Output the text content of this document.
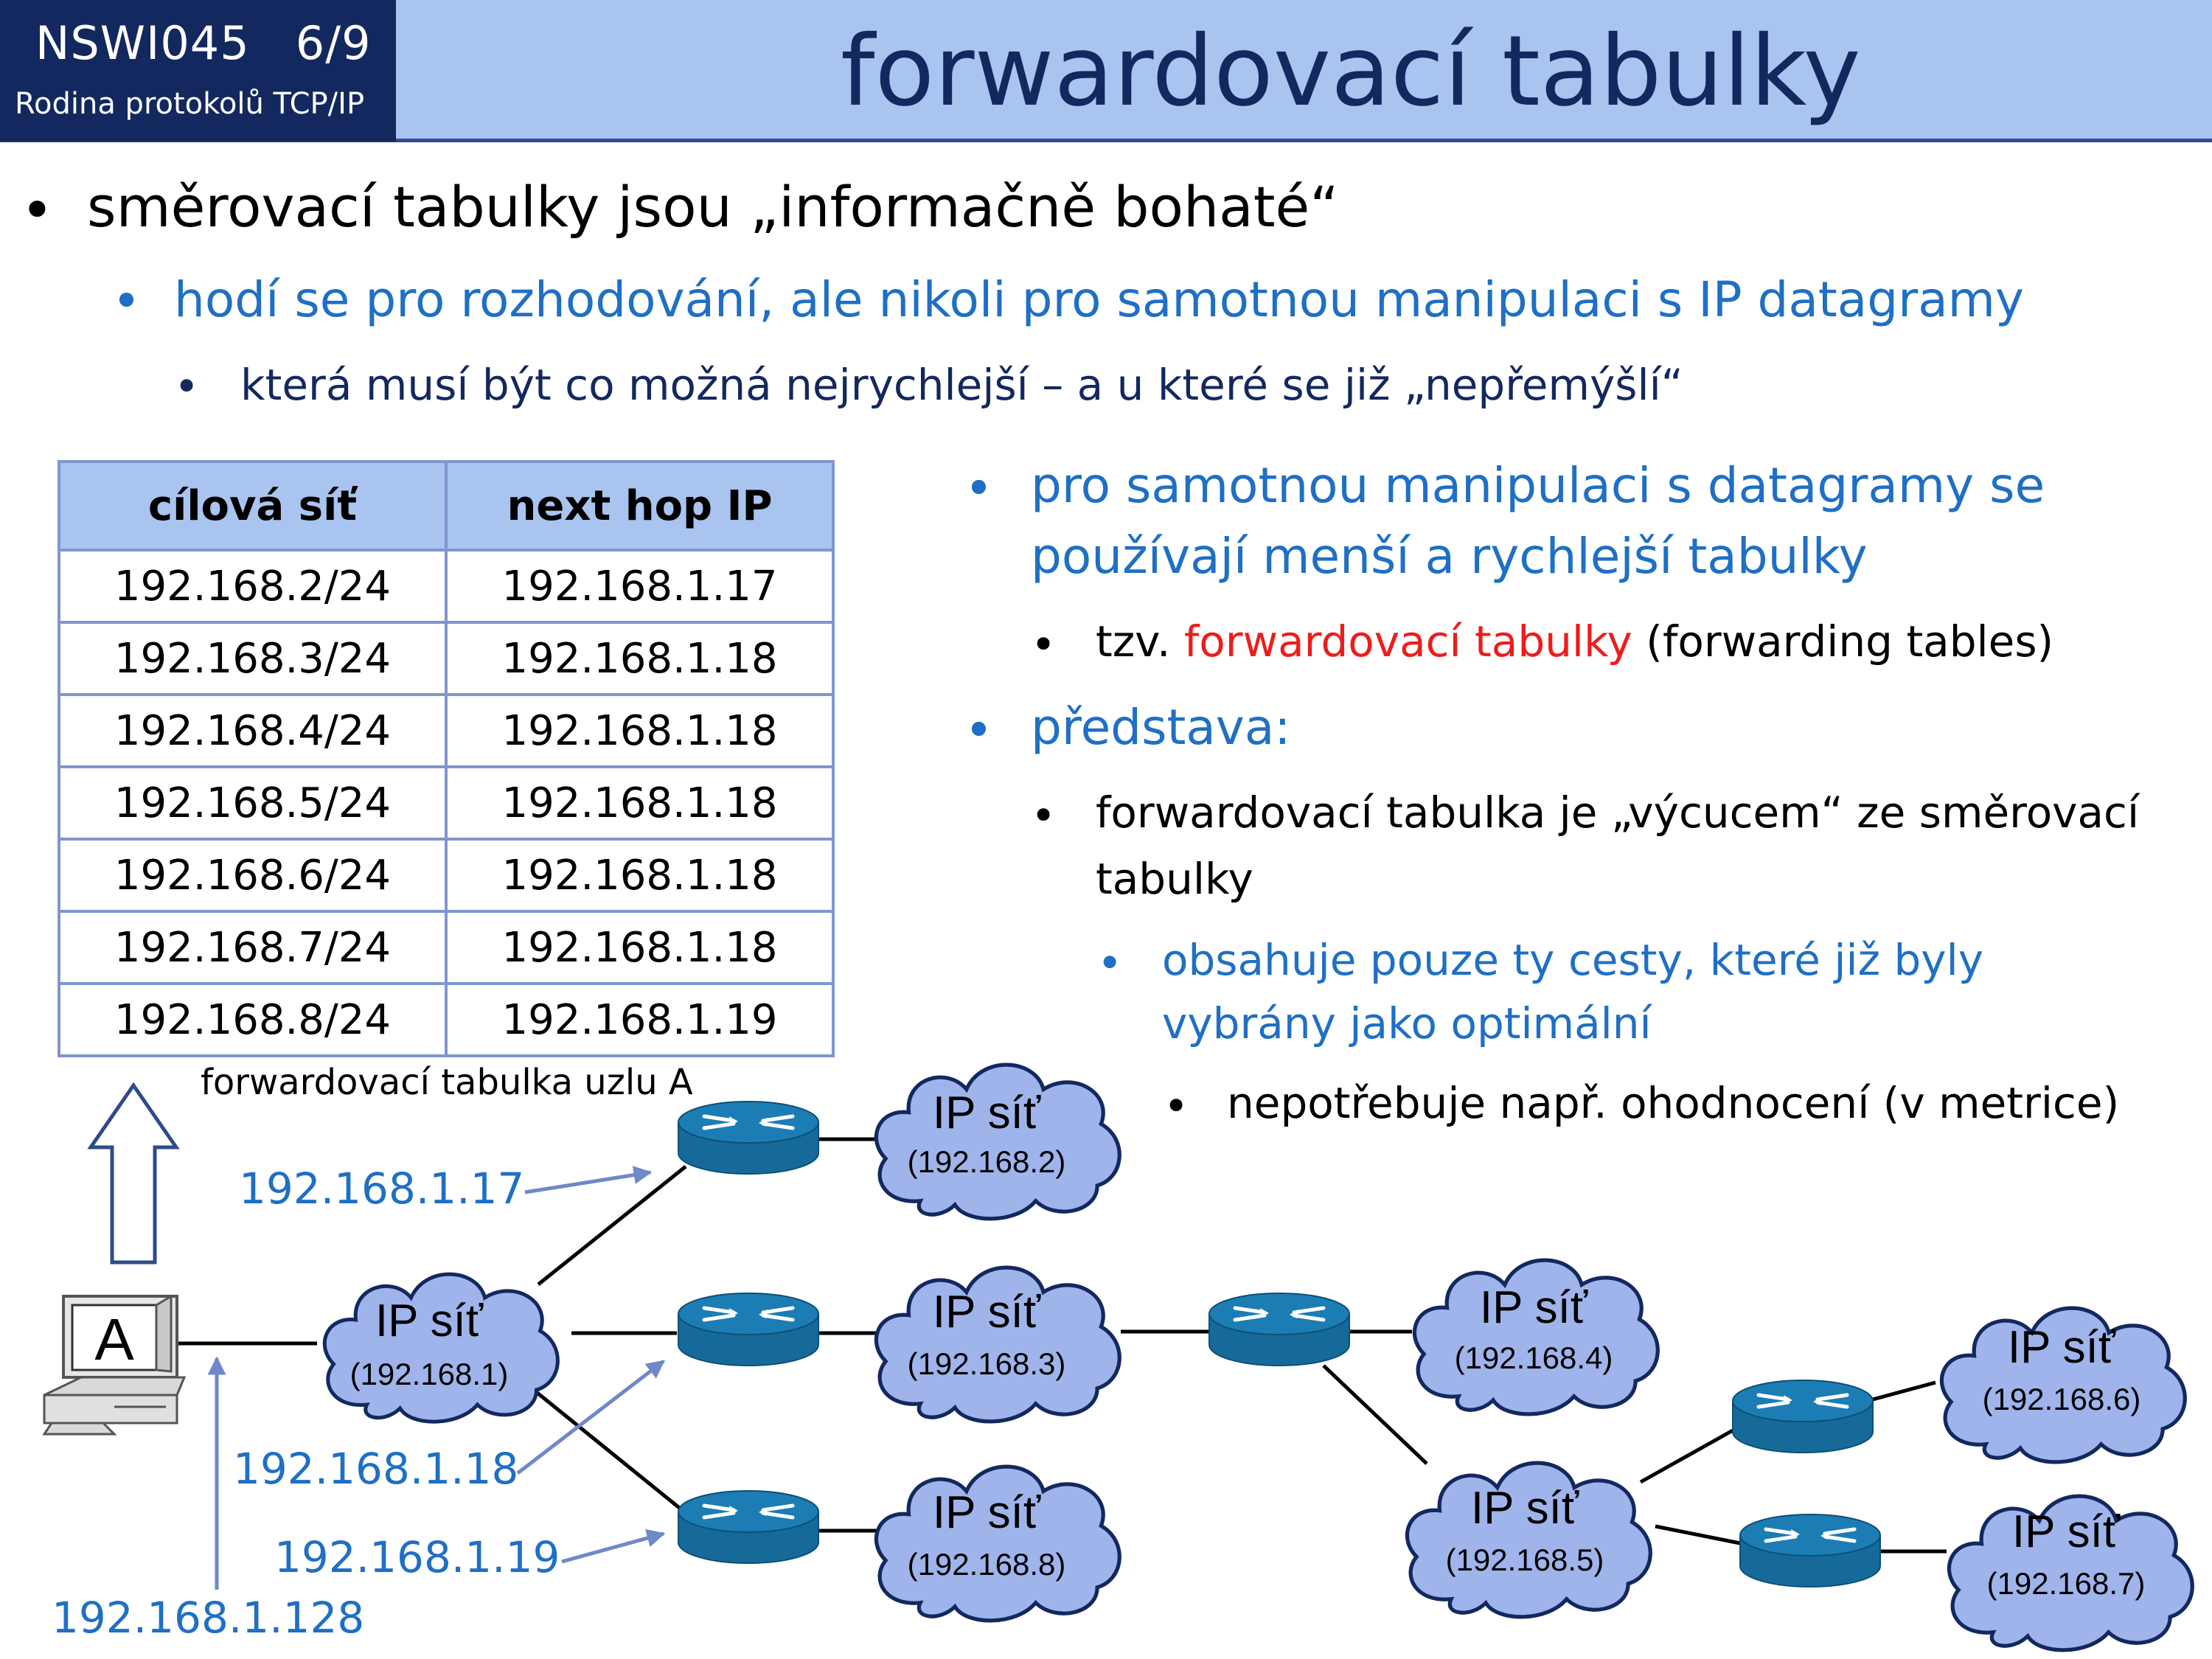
NSWI045   6/9
Rodina protokolů TCP/IP	forwardovací tabulky
• směrovací tabulky jsou „informačně bohaté“
• hodí se pro rozhodování, ale nikoli pro samotnou manipulaci s IP datagramy
• která musí být co možná nejrychlejší – a u které se již „nepřemýšlí“
• pro samotnou manipulaci s datagramy se
používají menší a rychlejší tabulky
• tzv. forwardovací tabulky (forwarding tables)
• představa:
• forwardovací tabulka je „výcucem“ ze směrovací
tabulky
• obsahuje pouze ty cesty, které již byly
vybrány jako optimální
• nepotřebuje např. ohodnocení (v metrice)
cílová síť	next hop IP
192.168.2/24	192.168.1.17
192.168.3/24	192.168.1.18
192.168.4/24	192.168.1.18
192.168.5/24	192.168.1.18
192.168.6/24	192.168.1.18
192.168.7/24	192.168.1.18
192.168.8/24	192.168.1.19
forwardovací tabulka uzlu A
192.168.1.17
192.168.1.18
192.168.1.19
192.168.1.128
A	IP síť
IP síť
IP síť
IP síť
IP síť
IP síť
IP síť
IP síť
(192.168.1)
(192.168.2)
(192.168.3)
(192.168.8)
(192.168.4)
(192.168.5)
(192.168.6)
(192.168.7)
